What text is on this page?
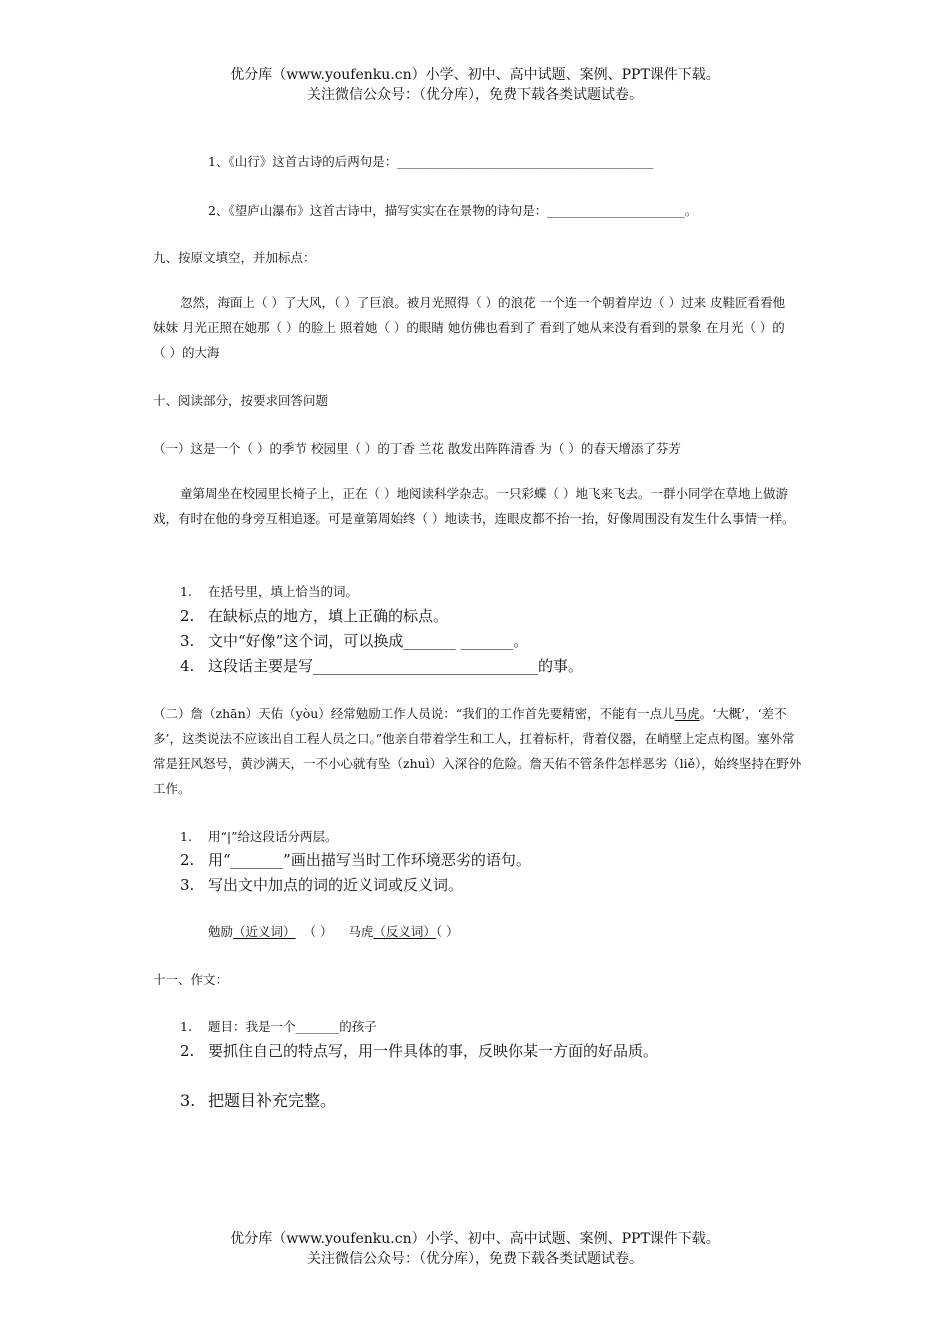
优分库（www.youfenku.cn）小学、初中、高中试题、案例、PPT课件下载。
关注微信公众号：（优分库），免费下载各类试题试卷。
1、《山行》这首古诗的后两句是：_________________________________________
2、《望庐山瀑布》这首古诗中，描写实实在在景物的诗句是：______________________。
九、按原文填空，并加标点：
忽然，海面上（ ）了大风，（ ）了巨浪。被月光照得（ ）的浪花 一个连一个朝着岸边（ ）过来 皮鞋匠看看他妹妹 月光正照在她那（ ）的脸上 照着她（ ）的眼睛 她仿佛也看到了 看到了她从来没有看到的景象 在月光（ ）的（ ）的大海
十、阅读部分，按要求回答问题
（一）这是一个（ ）的季节 校园里（ ）的丁香 兰花 散发出阵阵清香 为（ ）的春天增添了芬芳
童第周坐在校园里长椅子上，正在（ ）地阅读科学杂志。一只彩蝶（ ）地飞来飞去。一群小同学在草地上做游戏，有时在他的身旁互相追逐。可是童第周始终（ ）地读书，连眼皮都不抬一抬，好像周围没有发生什么事情一样。
1. 在括号里，填上恰当的词。
2. 在缺标点的地方，填上正确的标点。
3. 文中“好像”这个词，可以换成_______ _______。
4. 这段话主要是写______________________________的事。
（二）詹（zhān）天佑（yòu）经常勉励工作人员说：“我们的工作首先要精密，不能有一点儿马虎。‘大概’，‘差不多’，这类说法不应该出自工程人员之口。”他亲自带着学生和工人，扛着标杆，背着仪器，在峭壁上定点构图。塞外常常是狂风怒号，黄沙满天，一不小心就有坠（zhuì）入深谷的危险。詹天佑不管条件怎样恶劣（liě），始终坚持在野外工作。
1. 用“|”给这段话分两层。
2. 用“_______”画出描写当时工作环境恶劣的语句。
3. 写出文中加点的词的近义词或反义词。
勉励（近义词） （ ） 马虎（反义词）（ ）
十一、作文：
1. 题目：我是一个_______的孩子
2. 要抓住自己的特点写，用一件具体的事，反映你某一方面的好品质。
3. 把题目补充完整。
优分库（www.youfenku.cn）小学、初中、高中试题、案例、PPT课件下载。
关注微信公众号：（优分库），免费下载各类试题试卷。
